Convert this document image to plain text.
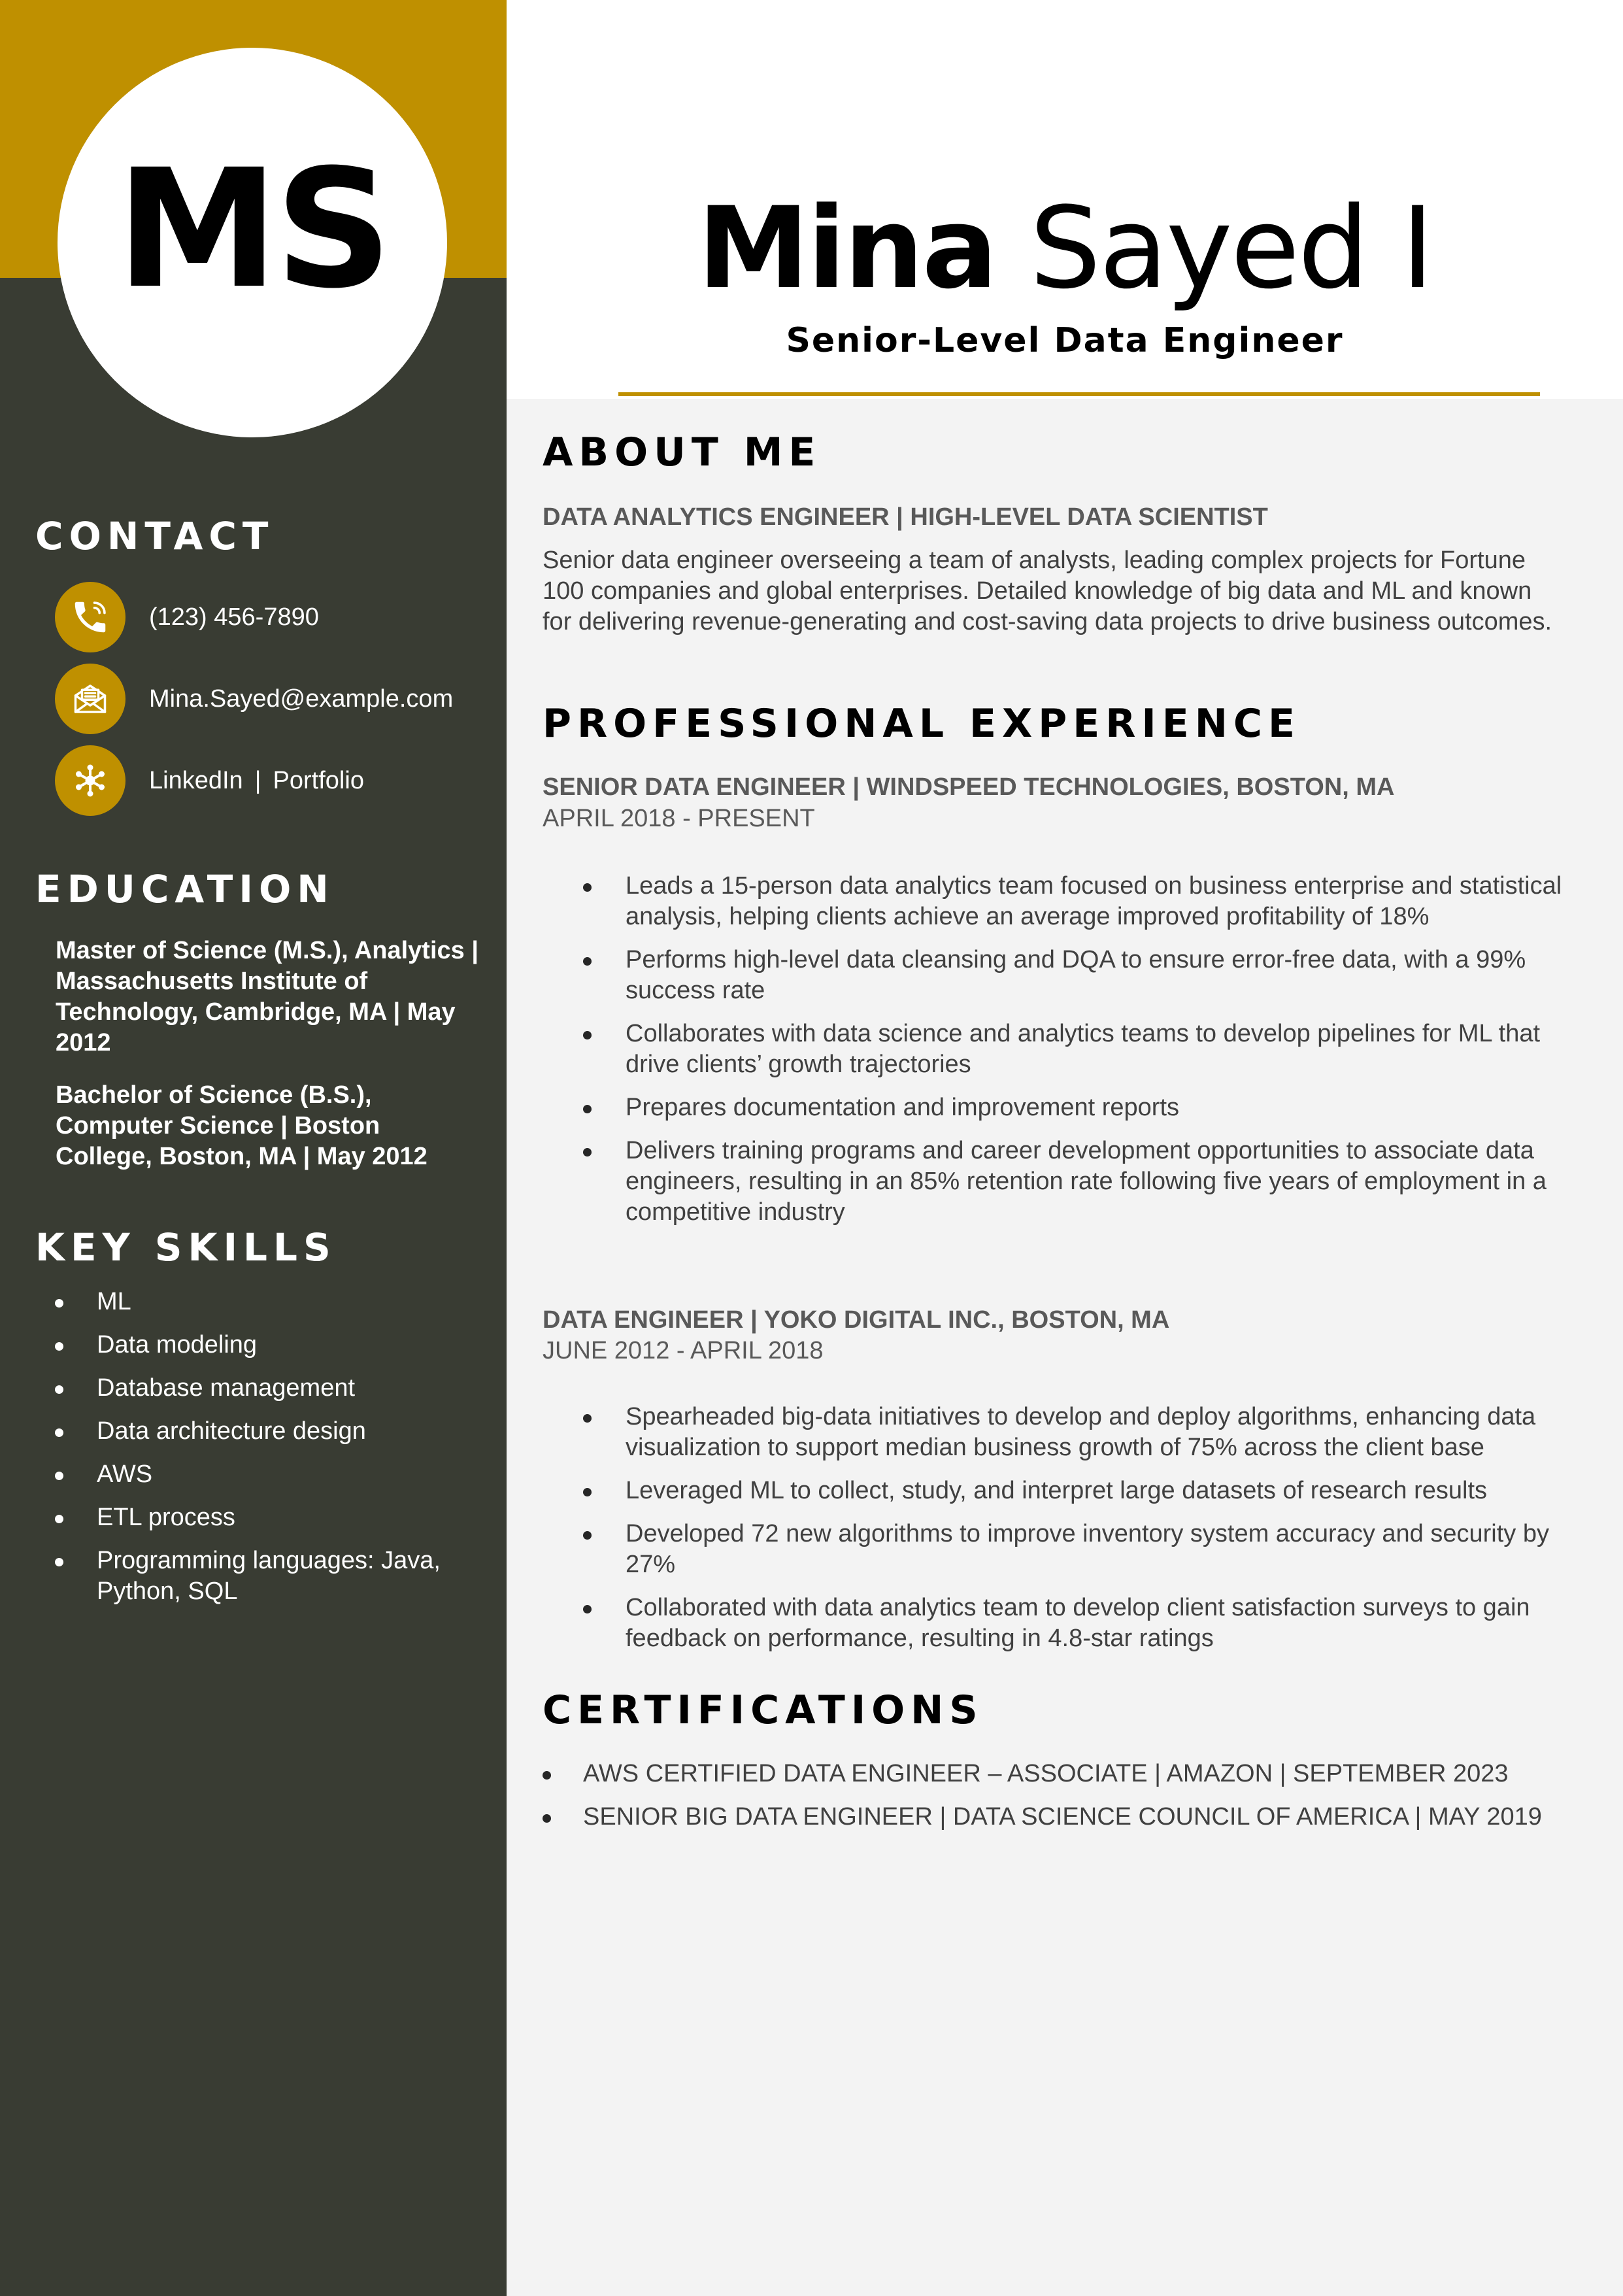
MS
CONTACT
(123) 456-7890
Mina.Sayed@example.com
LinkedIn | Portfolio
EDUCATION
Master of Science (M.S.), Analytics | Massachusetts Institute of Technology, Cambridge, MA | May 2012
Bachelor of Science (B.S.), Computer Science | Boston College, Boston, MA | May 2012
KEY SKILLS
ML
Data modeling
Database management
Data architecture design
AWS
ETL process
Programming languages: Java, Python, SQL
Mina Sayed I
Senior-Level Data Engineer
ABOUT ME
DATA ANALYTICS ENGINEER | HIGH-LEVEL DATA SCIENTIST
Senior data engineer overseeing a team of analysts, leading complex projects for Fortune 100 companies and global enterprises. Detailed knowledge of big data and ML and known for delivering revenue-generating and cost-saving data projects to drive business outcomes.
PROFESSIONAL EXPERIENCE
SENIOR DATA ENGINEER | WINDSPEED TECHNOLOGIES, BOSTON, MA
APRIL 2018 - PRESENT
Leads a 15-person data analytics team focused on business enterprise and statistical analysis, helping clients achieve an average improved profitability of 18%
Performs high-level data cleansing and DQA to ensure error-free data, with a 99% success rate
Collaborates with data science and analytics teams to develop pipelines for ML that drive clients’ growth trajectories
Prepares documentation and improvement reports
Delivers training programs and career development opportunities to associate data engineers, resulting in an 85% retention rate following five years of employment in a competitive industry
DATA ENGINEER | YOKO DIGITAL INC., BOSTON, MA
JUNE 2012 - APRIL 2018
Spearheaded big-data initiatives to develop and deploy algorithms, enhancing data visualization to support median business growth of 75% across the client base
Leveraged ML to collect, study, and interpret large datasets of research results
Developed 72 new algorithms to improve inventory system accuracy and security by 27%
Collaborated with data analytics team to develop client satisfaction surveys to gain feedback on performance, resulting in 4.8-star ratings
CERTIFICATIONS
AWS CERTIFIED DATA ENGINEER – ASSOCIATE | AMAZON | SEPTEMBER 2023
SENIOR BIG DATA ENGINEER | DATA SCIENCE COUNCIL OF AMERICA | MAY 2019
